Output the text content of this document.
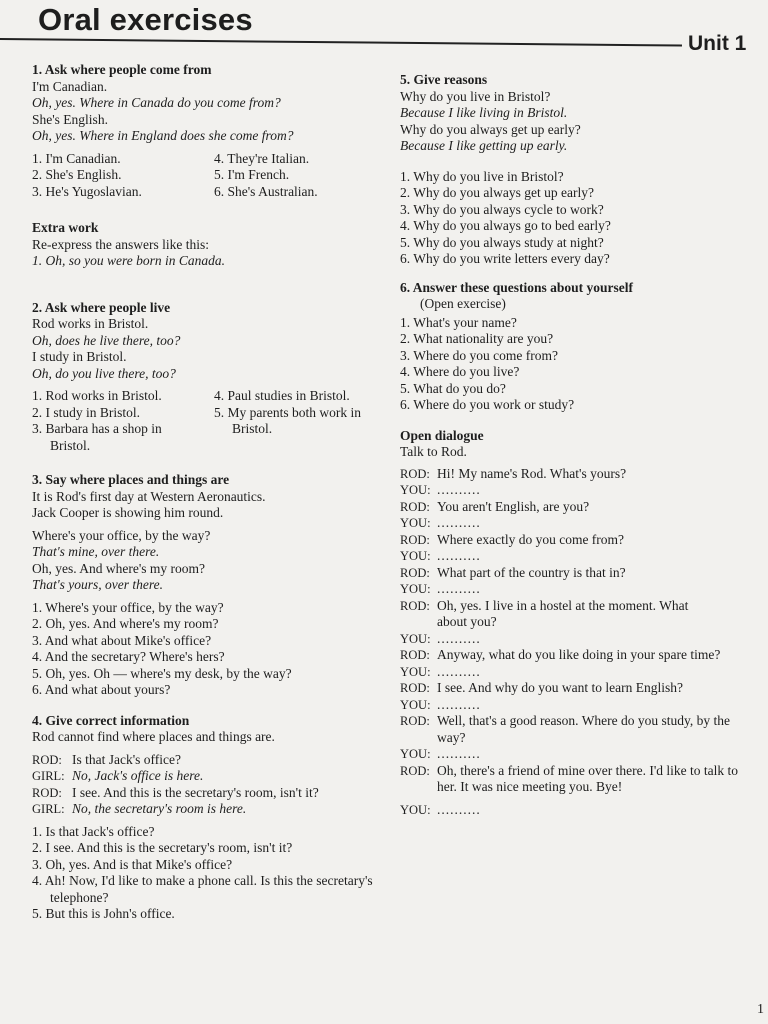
Oral exercises
Unit 1
1. Ask where people come from
I'm Canadian.
Oh, yes. Where in Canada do you come from?
She's English.
Oh, yes. Where in England does she come from?
1. I'm Canadian.
2. She's English.
3. He's Yugoslavian.
4. They're Italian.
5. I'm French.
6. She's Australian.
Extra work
Re-express the answers like this:
1. Oh, so you were born in Canada.
2. Ask where people live
Rod works in Bristol.
Oh, does he live there, too?
I study in Bristol.
Oh, do you live there, too?
1. Rod works in Bristol.
2. I study in Bristol.
3. Barbara has a shop in Bristol.
4. Paul studies in Bristol.
5. My parents both work in Bristol.
3. Say where places and things are
It is Rod's first day at Western Aeronautics.
Jack Cooper is showing him round.
Where's your office, by the way?
That's mine, over there.
Oh, yes. And where's my room?
That's yours, over there.
1. Where's your office, by the way?
2. Oh, yes. And where's my room?
3. And what about Mike's office?
4. And the secretary? Where's hers?
5. Oh, yes. Oh — where's my desk, by the way?
6. And what about yours?
4. Give correct information
Rod cannot find where places and things are.
ROD: Is that Jack's office?
GIRL: No, Jack's office is here.
ROD: I see. And this is the secretary's room, isn't it?
GIRL: No, the secretary's room is here.
1. Is that Jack's office?
2. I see. And this is the secretary's room, isn't it?
3. Oh, yes. And is that Mike's office?
4. Ah! Now, I'd like to make a phone call. Is this the secretary's telephone?
5. But this is John's office.
5. Give reasons
Why do you live in Bristol?
Because I like living in Bristol.
Why do you always get up early?
Because I like getting up early.
1. Why do you live in Bristol?
2. Why do you always get up early?
3. Why do you always cycle to work?
4. Why do you always go to bed early?
5. Why do you always study at night?
6. Why do you write letters every day?
6. Answer these questions about yourself
(Open exercise)
1. What's your name?
2. What nationality are you?
3. Where do you come from?
4. Where do you live?
5. What do you do?
6. Where do you work or study?
Open dialogue
Talk to Rod.
ROD: Hi! My name's Rod. What's yours?
YOU: ..........
ROD: You aren't English, are you?
YOU: ..........
ROD: Where exactly do you come from?
YOU: ..........
ROD: What part of the country is that in?
YOU: ..........
ROD: Oh, yes. I live in a hostel at the moment. What about you?
YOU: ..........
ROD: Anyway, what do you like doing in your spare time?
YOU: ..........
ROD: I see. And why do you want to learn English?
YOU: ..........
ROD: Well, that's a good reason. Where do you study, by the way?
YOU: ..........
ROD: Oh, there's a friend of mine over there. I'd like to talk to her. It was nice meeting you. Bye!
YOU: ..........
1
